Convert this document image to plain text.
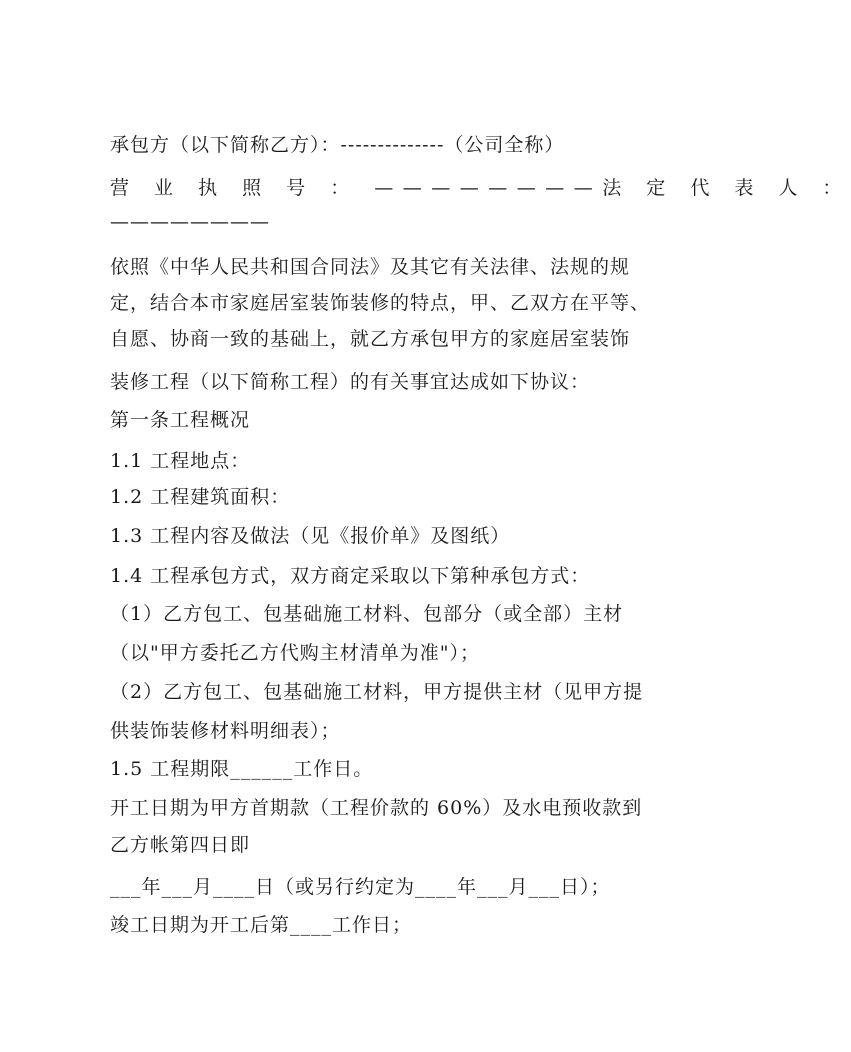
承包方（以下简称乙方）：--------------（公司全称）
营 业 执 照 号 ： ————————法 定 代 表 人 ：
————————
依照《中华人民共和国合同法》及其它有关法律、法规的规
定，结合本市家庭居室装饰装修的特点，甲、乙双方在平等、
自愿、协商一致的基础上，就乙方承包甲方的家庭居室装饰
装修工程（以下简称工程）的有关事宜达成如下协议：
第一条工程概况
1.1 工程地点：
1.2 工程建筑面积：
1.3 工程内容及做法（见《报价单》及图纸）
1.4 工程承包方式，双方商定采取以下第种承包方式：
（1）乙方包工、包基础施工材料、包部分（或全部）主材
（以"甲方委托乙方代购主材清单为准"）；
（2）乙方包工、包基础施工材料，甲方提供主材（见甲方提
供装饰装修材料明细表）；
1.5 工程期限______工作日。
开工日期为甲方首期款（工程价款的 60%）及水电预收款到
乙方帐第四日即
___年___月____日（或另行约定为____年___月___日）；
竣工日期为开工后第____工作日；
